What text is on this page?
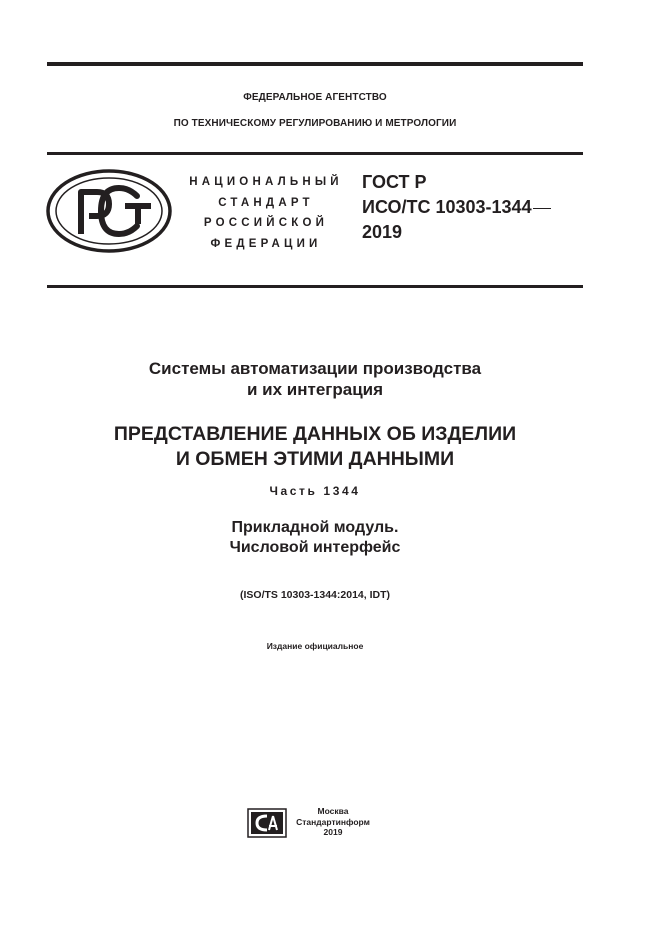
ФЕДЕРАЛЬНОЕ АГЕНТСТВО
ПО ТЕХНИЧЕСКОМУ РЕГУЛИРОВАНИЮ И МЕТРОЛОГИИ
НАЦИОНАЛЬНЫЙ
СТАНДАРТ
РОССИЙСКОЙ
ФЕДЕРАЦИИ
ГОСТ Р
ИСО/ТС 10303-1344
2019
Системы автоматизации производства
и их интеграция
ПРЕДСТАВЛЕНИЕ ДАННЫХ ОБ ИЗДЕЛИИ
И ОБМЕН ЭТИМИ ДАННЫМИ
Часть 1344
Прикладной модуль.
Числовой интерфейс
(ISO/TS 10303-1344:2014, IDT)
Издание официальное
Москва
Стандартинформ
2019
